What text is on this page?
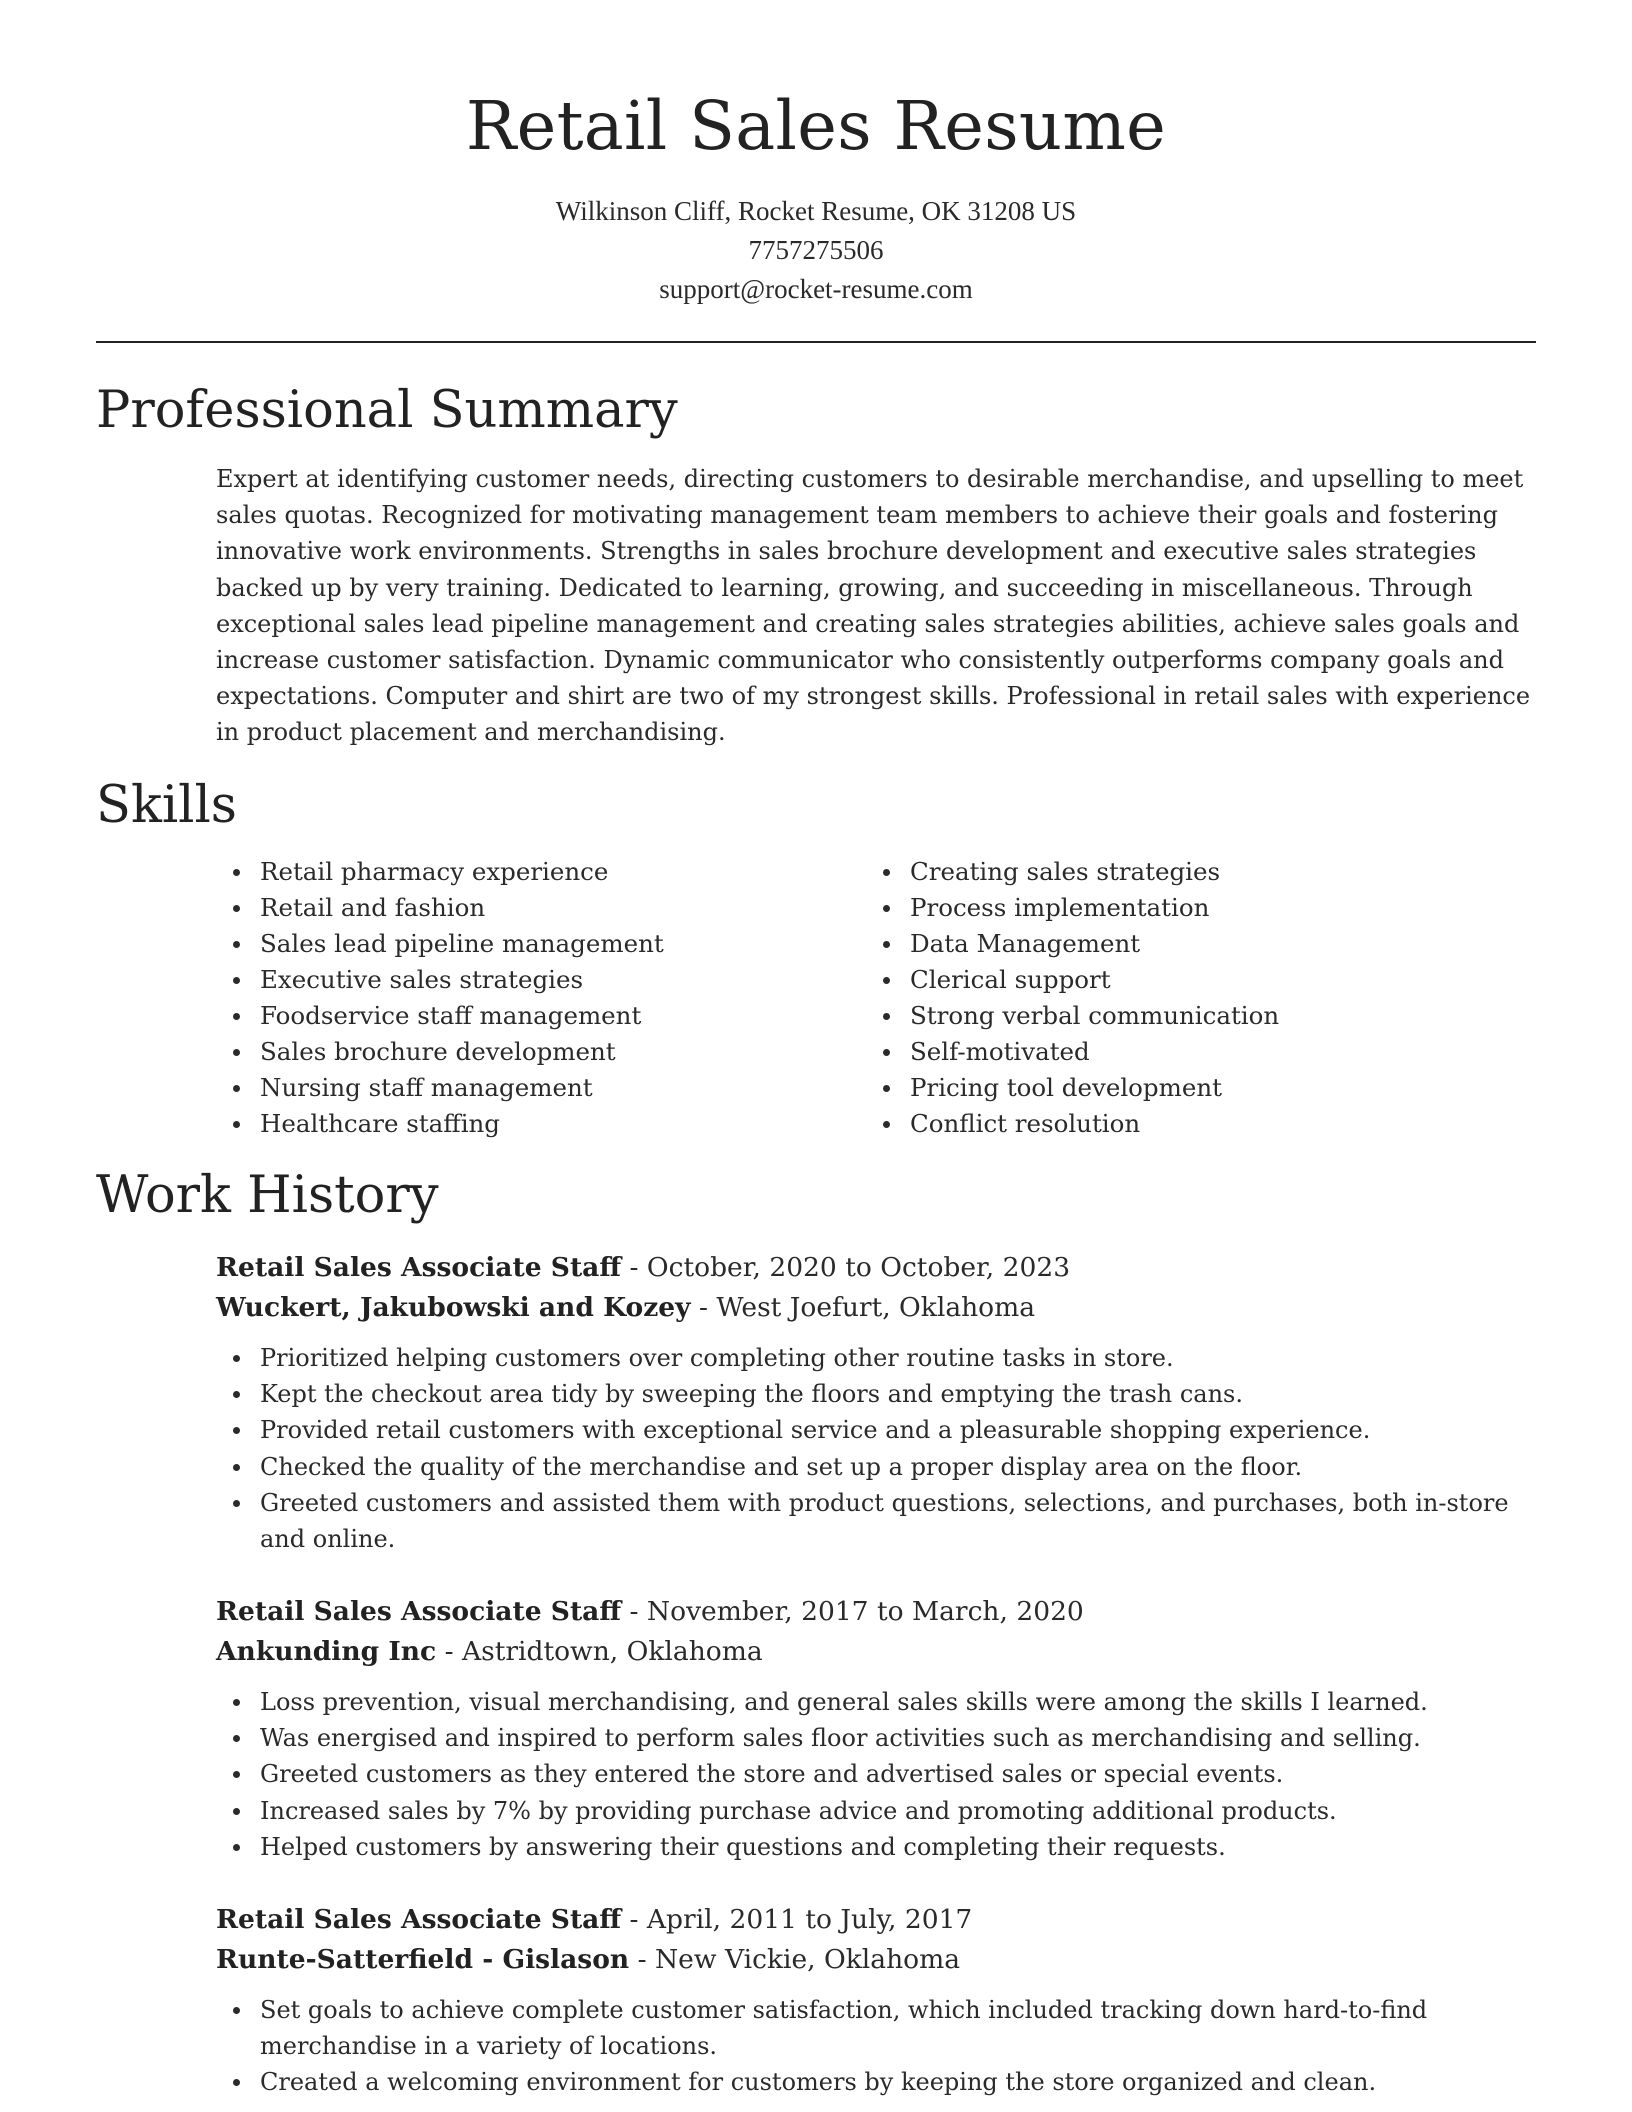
Retail Sales Resume
Wilkinson Cliff, Rocket Resume, OK 31208 US
7757275506
support@rocket-resume.com
Professional Summary

Expert at identifying customer needs, directing customers to desirable merchandise, and upselling to meet sales quotas. Recognized for motivating management team members to achieve their goals and fostering innovative work environments. Strengths in sales brochure development and executive sales strategies backed up by very training. Dedicated to learning, growing, and succeeding in miscellaneous. Through exceptional sales lead pipeline management and creating sales strategies abilities, achieve sales goals and increase customer satisfaction. Dynamic communicator who consistently outperforms company goals and expectations. Computer and shirt are two of my strongest skills. Professional in retail sales with experience in product placement and merchandising.

Skills
Retail pharmacy experience
Retail and fashion
Sales lead pipeline management
Executive sales strategies
Foodservice staff management
Sales brochure development
Nursing staff management
Healthcare staffing
Creating sales strategies
Process implementation
Data Management
Clerical support
Strong verbal communication
Self-motivated
Pricing tool development
Conflict resolution
Work History
Retail Sales Associate Staff - October, 2020 to October, 2023
Wuckert, Jakubowski and Kozey - West Joefurt, Oklahoma
Prioritized helping customers over completing other routine tasks in store.
Kept the checkout area tidy by sweeping the floors and emptying the trash cans.
Provided retail customers with exceptional service and a pleasurable shopping experience.
Checked the quality of the merchandise and set up a proper display area on the floor.
Greeted customers and assisted them with product questions, selections, and purchases, both in-store and online.
Retail Sales Associate Staff - November, 2017 to March, 2020
Ankunding Inc - Astridtown, Oklahoma
Loss prevention, visual merchandising, and general sales skills were among the skills I learned.
Was energised and inspired to perform sales floor activities such as merchandising and selling.
Greeted customers as they entered the store and advertised sales or special events.
Increased sales by 7% by providing purchase advice and promoting additional products.
Helped customers by answering their questions and completing their requests.
Retail Sales Associate Staff - April, 2011 to July, 2017
Runte-Satterfield - Gislason - New Vickie, Oklahoma
Set goals to achieve complete customer satisfaction, which included tracking down hard-to-find merchandise in a variety of locations.
Created a welcoming environment for customers by keeping the store organized and clean.
